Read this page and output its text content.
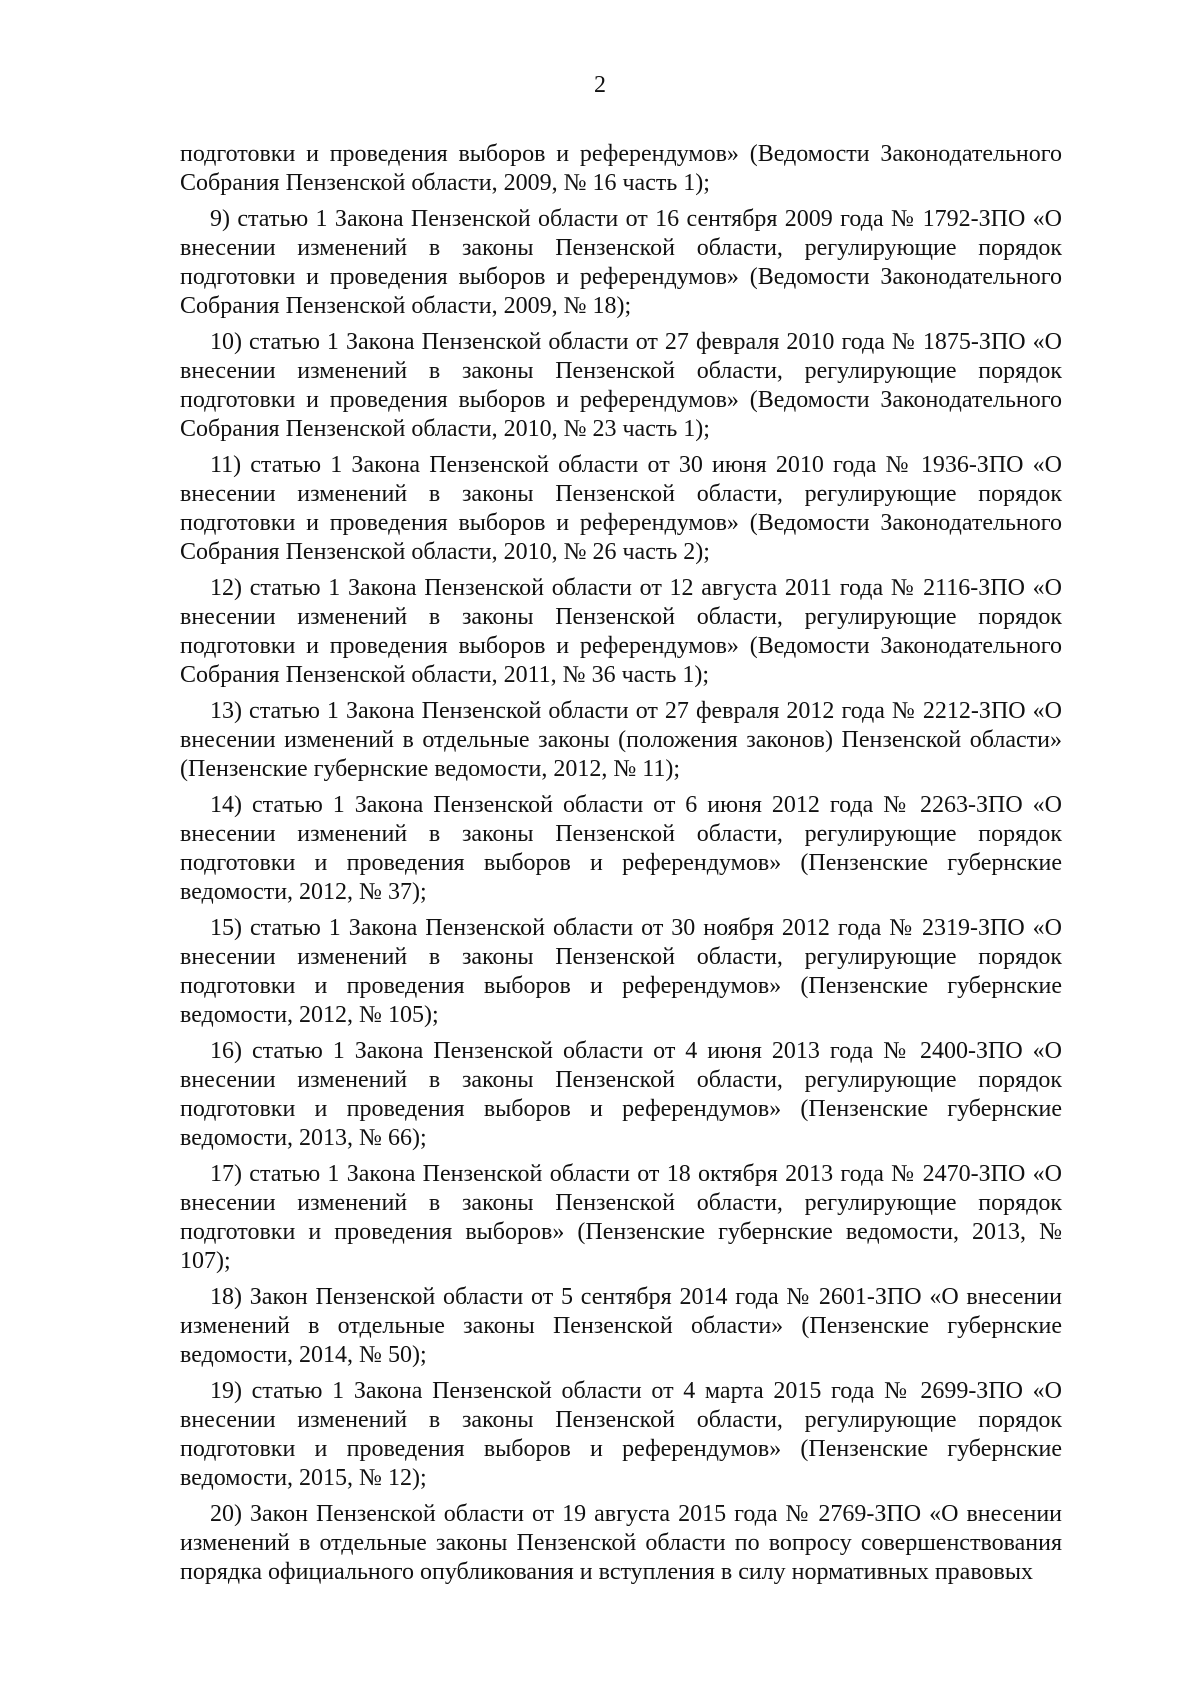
2

подготовки и проведения выборов и референдумов» (Ведомости Законодательного Собрания Пензенской области, 2009, № 16 часть 1);

9) статью 1 Закона Пензенской области от 16 сентября 2009 года № 1792-ЗПО «О внесении изменений в законы Пензенской области, регулирующие порядок подготовки и проведения выборов и референдумов» (Ведомости Законодательного Собрания Пензенской области, 2009, № 18);

10) статью 1 Закона Пензенской области от 27 февраля 2010 года № 1875-ЗПО «О внесении изменений в законы Пензенской области, регулирующие порядок подготовки и проведения выборов и референдумов» (Ведомости Законодательного Собрания Пензенской области, 2010, № 23 часть 1);

11) статью 1 Закона Пензенской области от 30 июня 2010 года № 1936-ЗПО «О внесении изменений в законы Пензенской области, регулирующие порядок подготовки и проведения выборов и референдумов» (Ведомости Законодательного Собрания Пензенской области, 2010, № 26 часть 2);

12) статью 1 Закона Пензенской области от 12 августа 2011 года № 2116-ЗПО «О внесении изменений в законы Пензенской области, регулирующие порядок подготовки и проведения выборов и референдумов» (Ведомости Законодательного Собрания Пензенской области, 2011, № 36 часть 1);

13) статью 1 Закона Пензенской области от 27 февраля 2012 года № 2212-ЗПО «О внесении изменений в отдельные законы (положения законов) Пензенской области» (Пензенские губернские ведомости, 2012, № 11);

14) статью 1 Закона Пензенской области от 6 июня 2012 года № 2263-ЗПО «О внесении изменений в законы Пензенской области, регулирующие порядок подготовки и проведения выборов и референдумов» (Пензенские губернские ведомости, 2012, № 37);

15) статью 1 Закона Пензенской области от 30 ноября 2012 года № 2319-ЗПО «О внесении изменений в законы Пензенской области, регулирующие порядок подготовки и проведения выборов и референдумов» (Пензенские губернские ведомости, 2012, № 105);

16) статью 1 Закона Пензенской области от 4 июня 2013 года № 2400-ЗПО «О внесении изменений в законы Пензенской области, регулирующие порядок подготовки и проведения выборов и референдумов» (Пензенские губернские ведомости, 2013, № 66);

17) статью 1 Закона Пензенской области от 18 октября 2013 года № 2470-ЗПО «О внесении изменений в законы Пензенской области, регулирующие порядок подготовки и проведения выборов» (Пензенские губернские ведомости, 2013, № 107);

18) Закон Пензенской области от 5 сентября 2014 года № 2601-ЗПО «О внесении изменений в отдельные законы Пензенской области» (Пензенские губернские ведомости, 2014, № 50);

19) статью 1 Закона Пензенской области от 4 марта 2015 года № 2699-ЗПО «О внесении изменений в законы Пензенской области, регулирующие порядок подготовки и проведения выборов и референдумов» (Пензенские губернские ведомости, 2015, № 12);

20) Закон Пензенской области от 19 августа 2015 года № 2769-ЗПО «О внесении изменений в отдельные законы Пензенской области по вопросу совершенствования порядка официального опубликования и вступления в силу нормативных правовых
